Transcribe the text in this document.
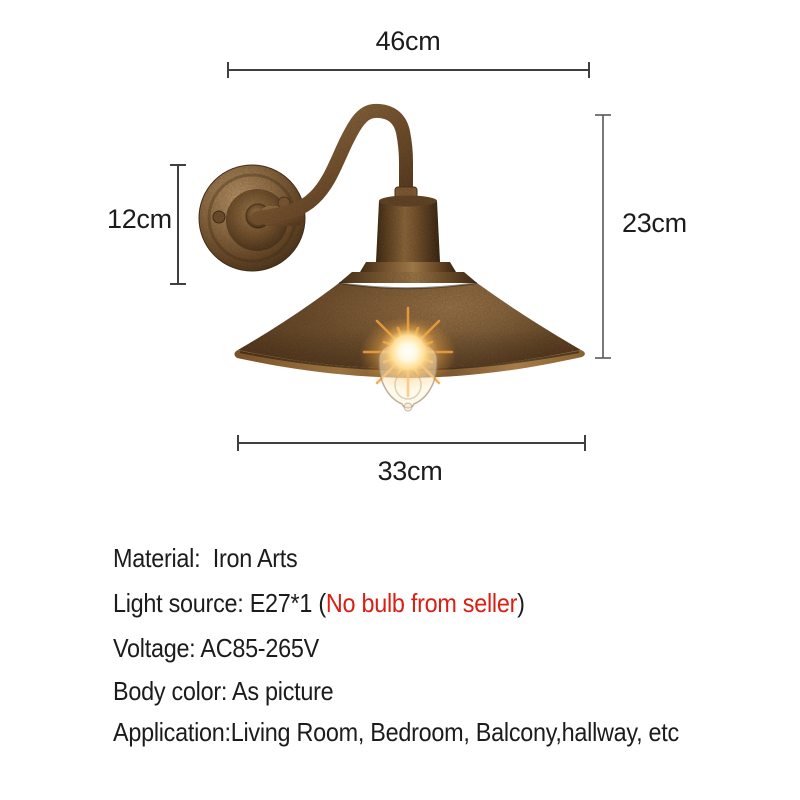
46cm
12cm	23cm
33cm

Material:  Iron Arts

Light source: E27*1 (No bulb from seller)

Voltage: AC85-265V

Body color: As picture

Application:Living Room, Bedroom, Balcony,hallway, etc
